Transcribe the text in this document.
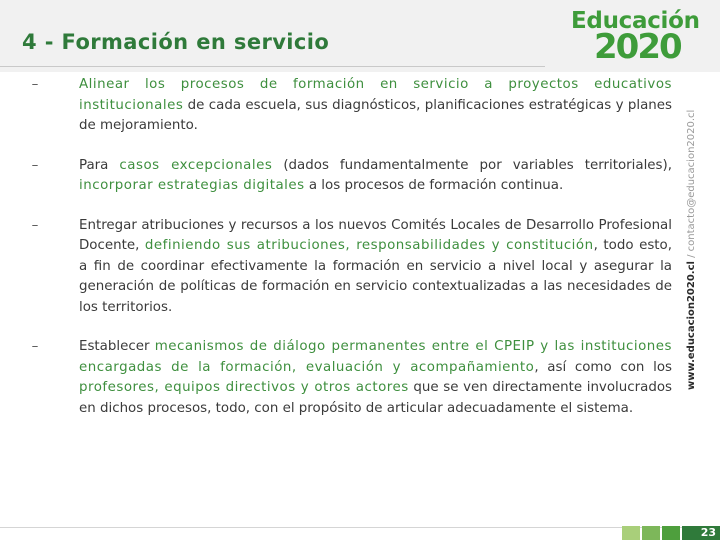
4 - Formación en servicio
Educación
2020
–	Alinear los procesos de formación en servicio a proyectos educativos institucionales de cada escuela, sus diagnósticos, planificaciones estratégicas y planes de mejoramiento.
–	Para casos excepcionales (dados fundamentalmente por variables territoriales), incorporar estrategias digitales a los procesos de formación continua.
–	Entregar atribuciones y recursos a los nuevos Comités Locales de Desarrollo Profesional Docente, definiendo sus atribuciones, responsabilidades y constitución, todo esto, a fin de coordinar efectivamente la formación en servicio a nivel local y asegurar la generación de políticas de formación en servicio contextualizadas a las necesidades de los territorios.
–	Establecer mecanismos de diálogo permanentes entre el CPEIP y las instituciones encargadas de la formación, evaluación y acompañamiento, así como con los profesores, equipos directivos y otros actores que se ven directamente involucrados en dichos procesos, todo, con el propósito de articular adecuadamente el sistema.
www.educacion2020.cl / contacto@educacion2020.cl
23
